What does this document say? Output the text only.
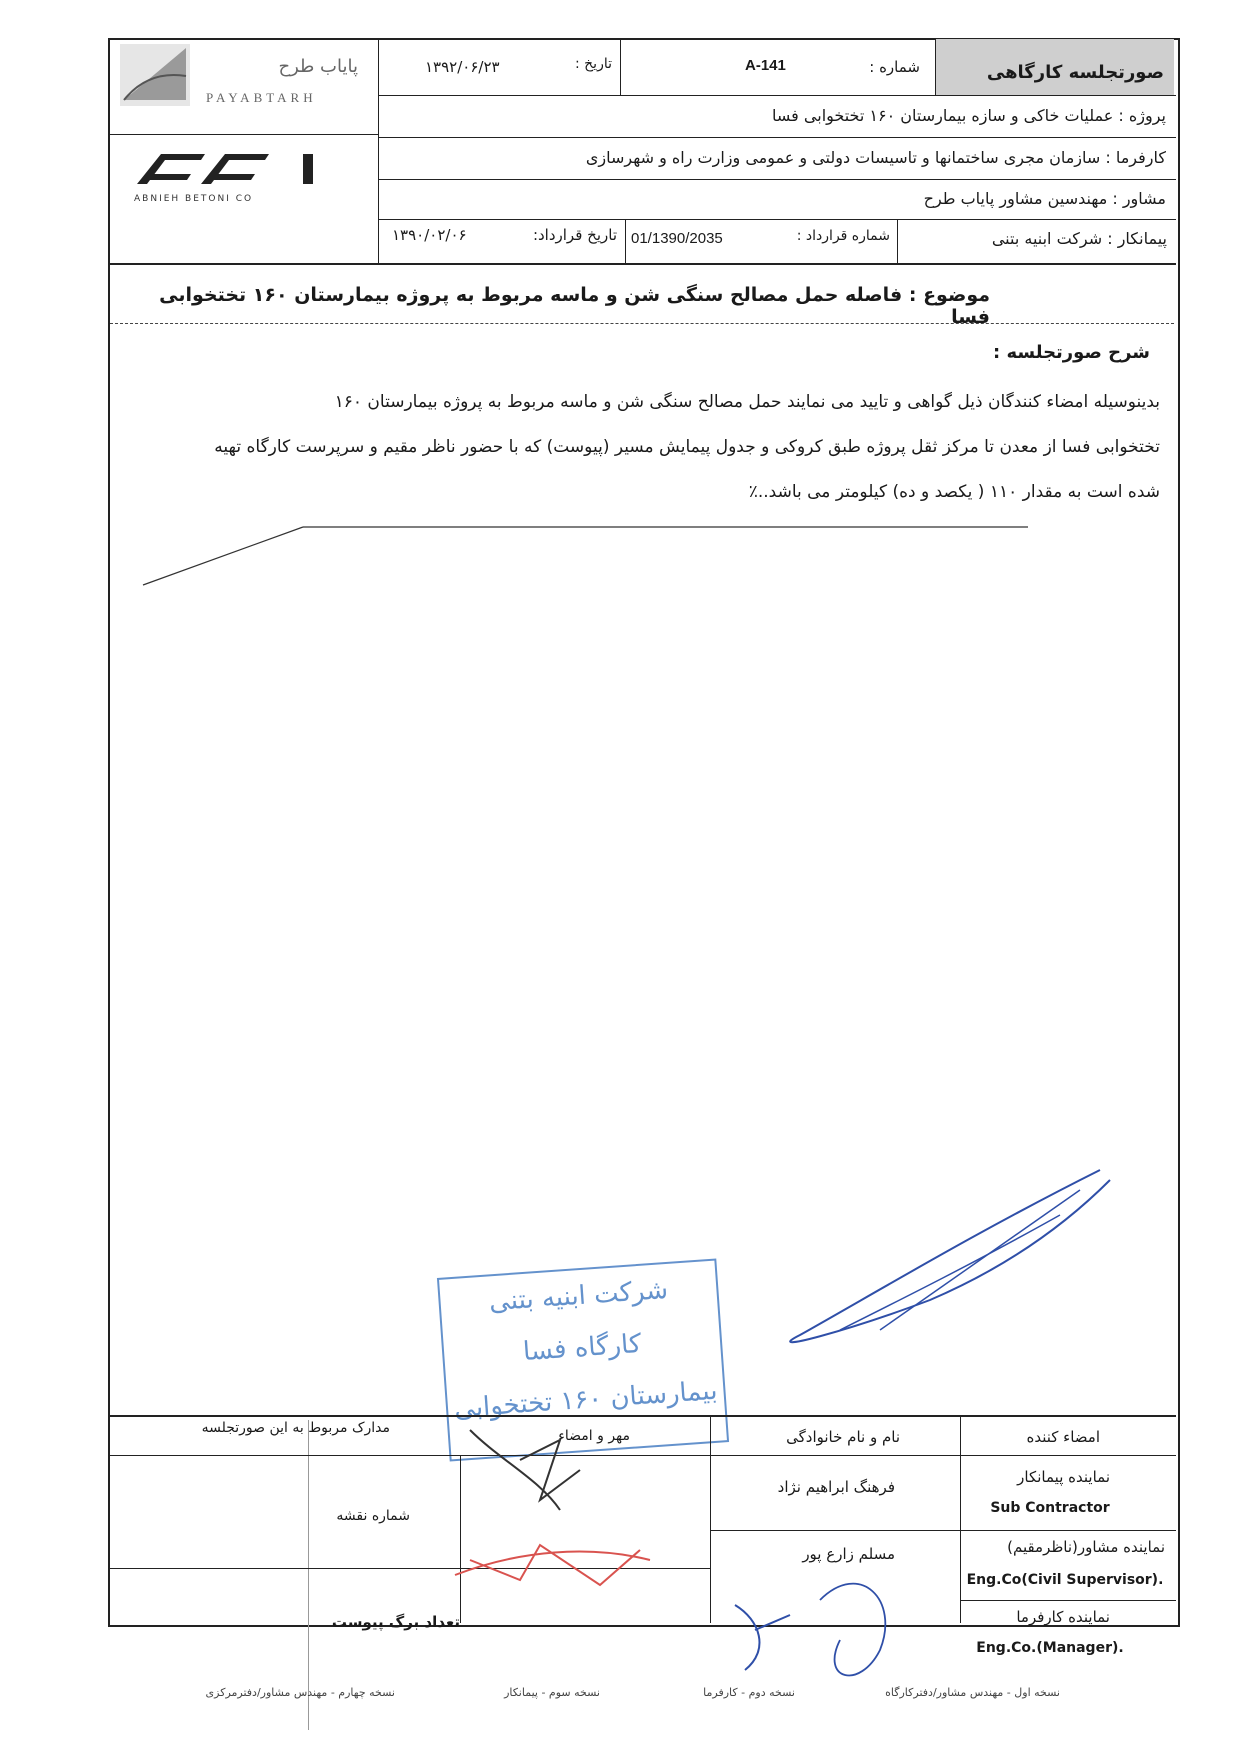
صورتجلسه کارگاهی
شماره :
A-141
تاریخ :
۱۳۹۲/۰۶/۲۳
پروژه : عملیات خاکی و سازه بیمارستان ۱۶۰ تختخوابی فسا
کارفرما : سازمان مجری ساختمانها و تاسیسات دولتی و عمومی وزارت راه و شهرسازی
مشاور : مهندسین مشاور پایاب طرح
پیمانکار : شرکت ابنیه بتنی
شماره قرارداد :
01/1390/2035
تاریخ قرارداد:
۱۳۹۰/۰۲/۰۶
پایاب طرح
PAYABTARH
ABNIEH BETONI CO
موضوع : فاصله حمل مصالح سنگی شن و ماسه مربوط به پروژه بیمارستان ۱۶۰ تختخوابی فسا
شرح صورتجلسه :
بدینوسیله امضاء کنندگان ذیل گواهی و تایید می نمایند حمل مصالح سنگی شن و ماسه مربوط به پروژه بیمارستان ۱۶۰
تختخوابی فسا از معدن تا مرکز ثقل پروژه طبق کروکی و جدول پیمایش مسیر (پیوست) که با حضور ناظر مقیم و سرپرست کارگاه تهیه
شده است به مقدار ۱۱۰ ( یکصد و ده) کیلومتر می باشد..٪
شرکت ابنیه بتنی
کارگاه فسا
بیمارستان ۱۶۰ تختخوابی
امضاء کننده
نام و نام خانوادگی
مهر و امضاء
مدارک مربوط به این صورتجلسه
نماینده پیمانکار
Sub Contractor
فرهنگ ابراهیم نژاد
شماره نقشه
نماینده مشاور(ناظرمقیم)
Eng.Co(Civil Supervisor).
مسلم زارع پور
نماینده کارفرما
Eng.Co.(Manager).
تعداد برگ پیوست
نسخه اول - مهندس مشاور/دفترکارگاه
نسخه دوم - کارفرما
نسخه سوم - پیمانکار
نسخه چهارم - مهندس مشاور/دفترمرکزی
